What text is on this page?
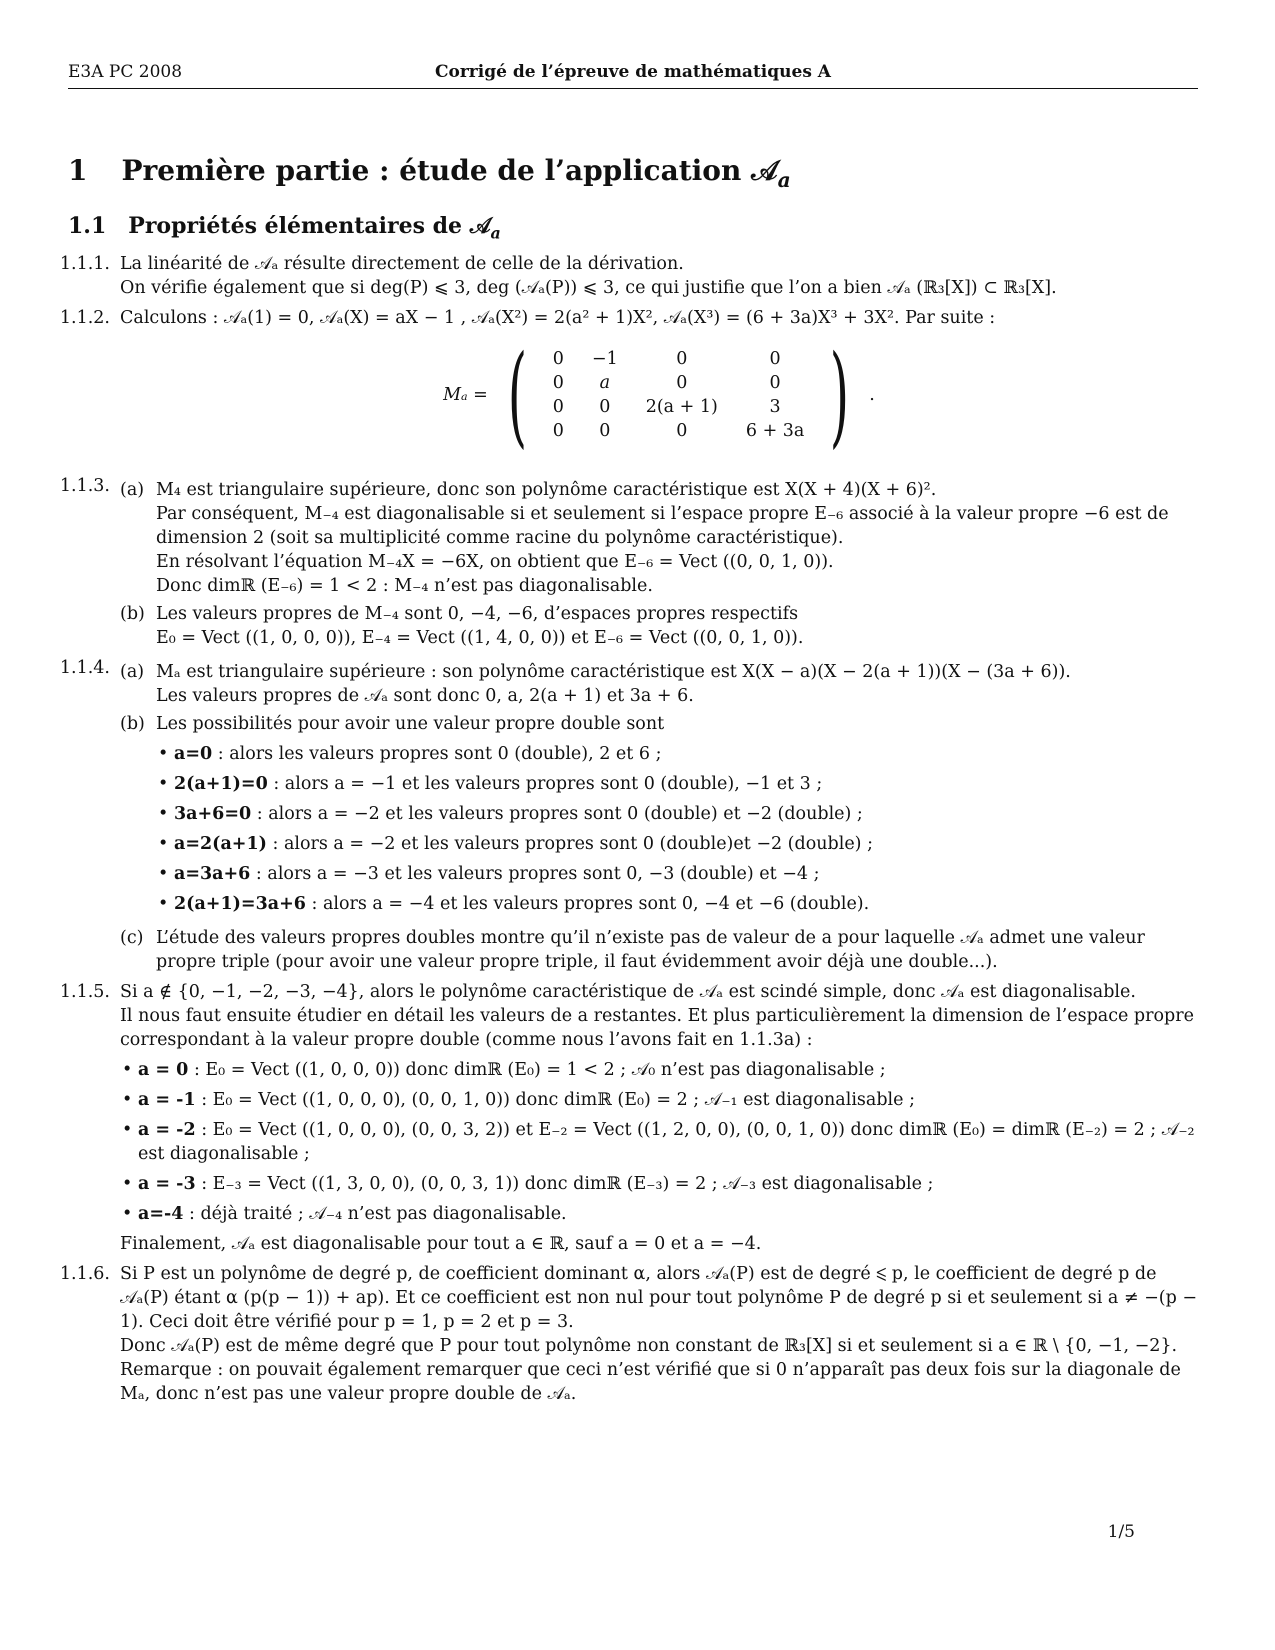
E3A PC 2008	Corrigé de l’épreuve de mathématiques A
1 Première partie : étude de l’application 𝒜$_a$
1.1 Propriétés élémentaires de 𝒜$_a$
1.1.1. La linéarité de 𝒜ₐ résulte directement de celle de la dérivation.
On vérifie également que si deg(P) ⩽ 3, deg (𝒜ₐ(P)) ⩽ 3, ce qui justifie que l’on a bien 𝒜ₐ (ℝ₃[X]) ⊂ ℝ₃[X].
1.1.2. Calculons : 𝒜ₐ(1) = 0, 𝒜ₐ(X) = aX − 1 , 𝒜ₐ(X²) = 2(a² + 1)X², 𝒜ₐ(X³) = (6 + 3a)X³ + 3X². Par suite :
Mₐ = ( 0	−1	0	0
0	a	0	0
0	0	2(a + 1)	3
0	0	0	6 + 3a ) .
1.1.3. (a) M₄ est triangulaire supérieure, donc son polynôme caractéristique est X(X + 4)(X + 6)².
Par conséquent, M₋₄ est diagonalisable si et seulement si l’espace propre E₋₆ associé à la valeur propre −6 est de dimension 2 (soit sa multiplicité comme racine du polynôme caractéristique).
En résolvant l’équation M₋₄X = −6X, on obtient que E₋₆ = Vect ((0, 0, 1, 0)).
Donc dimℝ (E₋₆) = 1 < 2 : M₋₄ n’est pas diagonalisable.
(b) Les valeurs propres de M₋₄ sont 0, −4, −6, d’espaces propres respectifs
E₀ = Vect ((1, 0, 0, 0)), E₋₄ = Vect ((1, 4, 0, 0)) et E₋₆ = Vect ((0, 0, 1, 0)).
1.1.4. (a) Mₐ est triangulaire supérieure : son polynôme caractéristique est X(X − a)(X − 2(a + 1))(X − (3a + 6)).
Les valeurs propres de 𝒜ₐ sont donc 0, a, 2(a + 1) et 3a + 6.
(b) Les possibilités pour avoir une valeur propre double sont
• a=0 : alors les valeurs propres sont 0 (double), 2 et 6 ;
• 2(a+1)=0 : alors a = −1 et les valeurs propres sont 0 (double), −1 et 3 ;
• 3a+6=0 : alors a = −2 et les valeurs propres sont 0 (double) et −2 (double) ;
• a=2(a+1) : alors a = −2 et les valeurs propres sont 0 (double)et −2 (double) ;
• a=3a+6 : alors a = −3 et les valeurs propres sont 0, −3 (double) et −4 ;
• 2(a+1)=3a+6 : alors a = −4 et les valeurs propres sont 0, −4 et −6 (double).
(c) L’étude des valeurs propres doubles montre qu’il n’existe pas de valeur de a pour laquelle 𝒜ₐ admet une valeur propre triple (pour avoir une valeur propre triple, il faut évidemment avoir déjà une double...).
1.1.5. Si a ∉ {0, −1, −2, −3, −4}, alors le polynôme caractéristique de 𝒜ₐ est scindé simple, donc 𝒜ₐ est diagonalisable.
Il nous faut ensuite étudier en détail les valeurs de a restantes. Et plus particulièrement la dimension de l’espace propre correspondant à la valeur propre double (comme nous l’avons fait en 1.1.3a) :
• a = 0 : E₀ = Vect ((1, 0, 0, 0)) donc dimℝ (E₀) = 1 < 2 ; 𝒜₀ n’est pas diagonalisable ;
• a = -1 : E₀ = Vect ((1, 0, 0, 0), (0, 0, 1, 0)) donc dimℝ (E₀) = 2 ; 𝒜₋₁ est diagonalisable ;
• a = -2 : E₀ = Vect ((1, 0, 0, 0), (0, 0, 3, 2)) et E₋₂ = Vect ((1, 2, 0, 0), (0, 0, 1, 0)) donc dimℝ (E₀) = dimℝ (E₋₂) = 2 ; 𝒜₋₂ est diagonalisable ;
• a = -3 : E₋₃ = Vect ((1, 3, 0, 0), (0, 0, 3, 1)) donc dimℝ (E₋₃) = 2 ; 𝒜₋₃ est diagonalisable ;
• a=-4 : déjà traité ; 𝒜₋₄ n’est pas diagonalisable.
Finalement, 𝒜ₐ est diagonalisable pour tout a ∈ ℝ, sauf a = 0 et a = −4.
1.1.6. Si P est un polynôme de degré p, de coefficient dominant α, alors 𝒜ₐ(P) est de degré ⩽ p, le coefficient de degré p de 𝒜ₐ(P) étant α (p(p − 1)) + ap). Et ce coefficient est non nul pour tout polynôme P de degré p si et seulement si a ≠ −(p − 1). Ceci doit être vérifié pour p = 1, p = 2 et p = 3.
Donc 𝒜ₐ(P) est de même degré que P pour tout polynôme non constant de ℝ₃[X] si et seulement si a ∈ ℝ \ {0, −1, −2}.
Remarque : on pouvait également remarquer que ceci n’est vérifié que si 0 n’apparaît pas deux fois sur la diagonale de Mₐ, donc n’est pas une valeur propre double de 𝒜ₐ.
1/5
